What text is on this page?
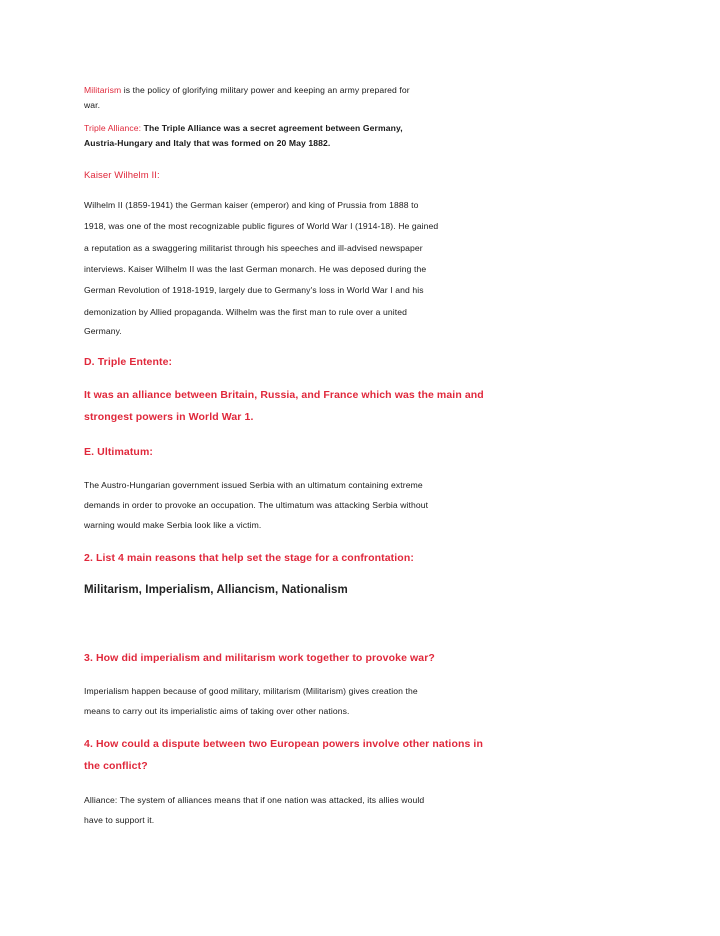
Militarism is the policy of glorifying military power and keeping an army prepared for
war.
Triple Alliance: The Triple Alliance was a secret agreement between Germany,
Austria-Hungary and Italy that was formed on 20 May 1882.
Kaiser Wilhelm II:
Wilhelm II (1859-1941) the German kaiser (emperor) and king of Prussia from 1888 to
1918, was one of the most recognizable public figures of World War I (1914-18). He gained
a reputation as a swaggering militarist through his speeches and ill-advised newspaper
interviews. Kaiser Wilhelm II was the last German monarch. He was deposed during the
German Revolution of 1918-1919, largely due to Germany's loss in World War I and his
demonization by Allied propaganda. Wilhelm was the first man to rule over a united
Germany.
D. Triple Entente:
It was an alliance between Britain, Russia, and France which was the main and
strongest powers in World War 1.
E. Ultimatum:
The Austro-Hungarian government issued Serbia with an ultimatum containing extreme
demands in order to provoke an occupation. The ultimatum was attacking Serbia without
warning would make Serbia look like a victim.
2. List 4 main reasons that help set the stage for a confrontation:
Militarism, Imperialism, Alliancism, Nationalism
3. How did imperialism and militarism work together to provoke war?
Imperialism happen because of good military, militarism (Militarism) gives creation the
means to carry out its imperialistic aims of taking over other nations.
4. How could a dispute between two European powers involve other nations in
the conflict?
Alliance: The system of alliances means that if one nation was attacked, its allies would
have to support it.
